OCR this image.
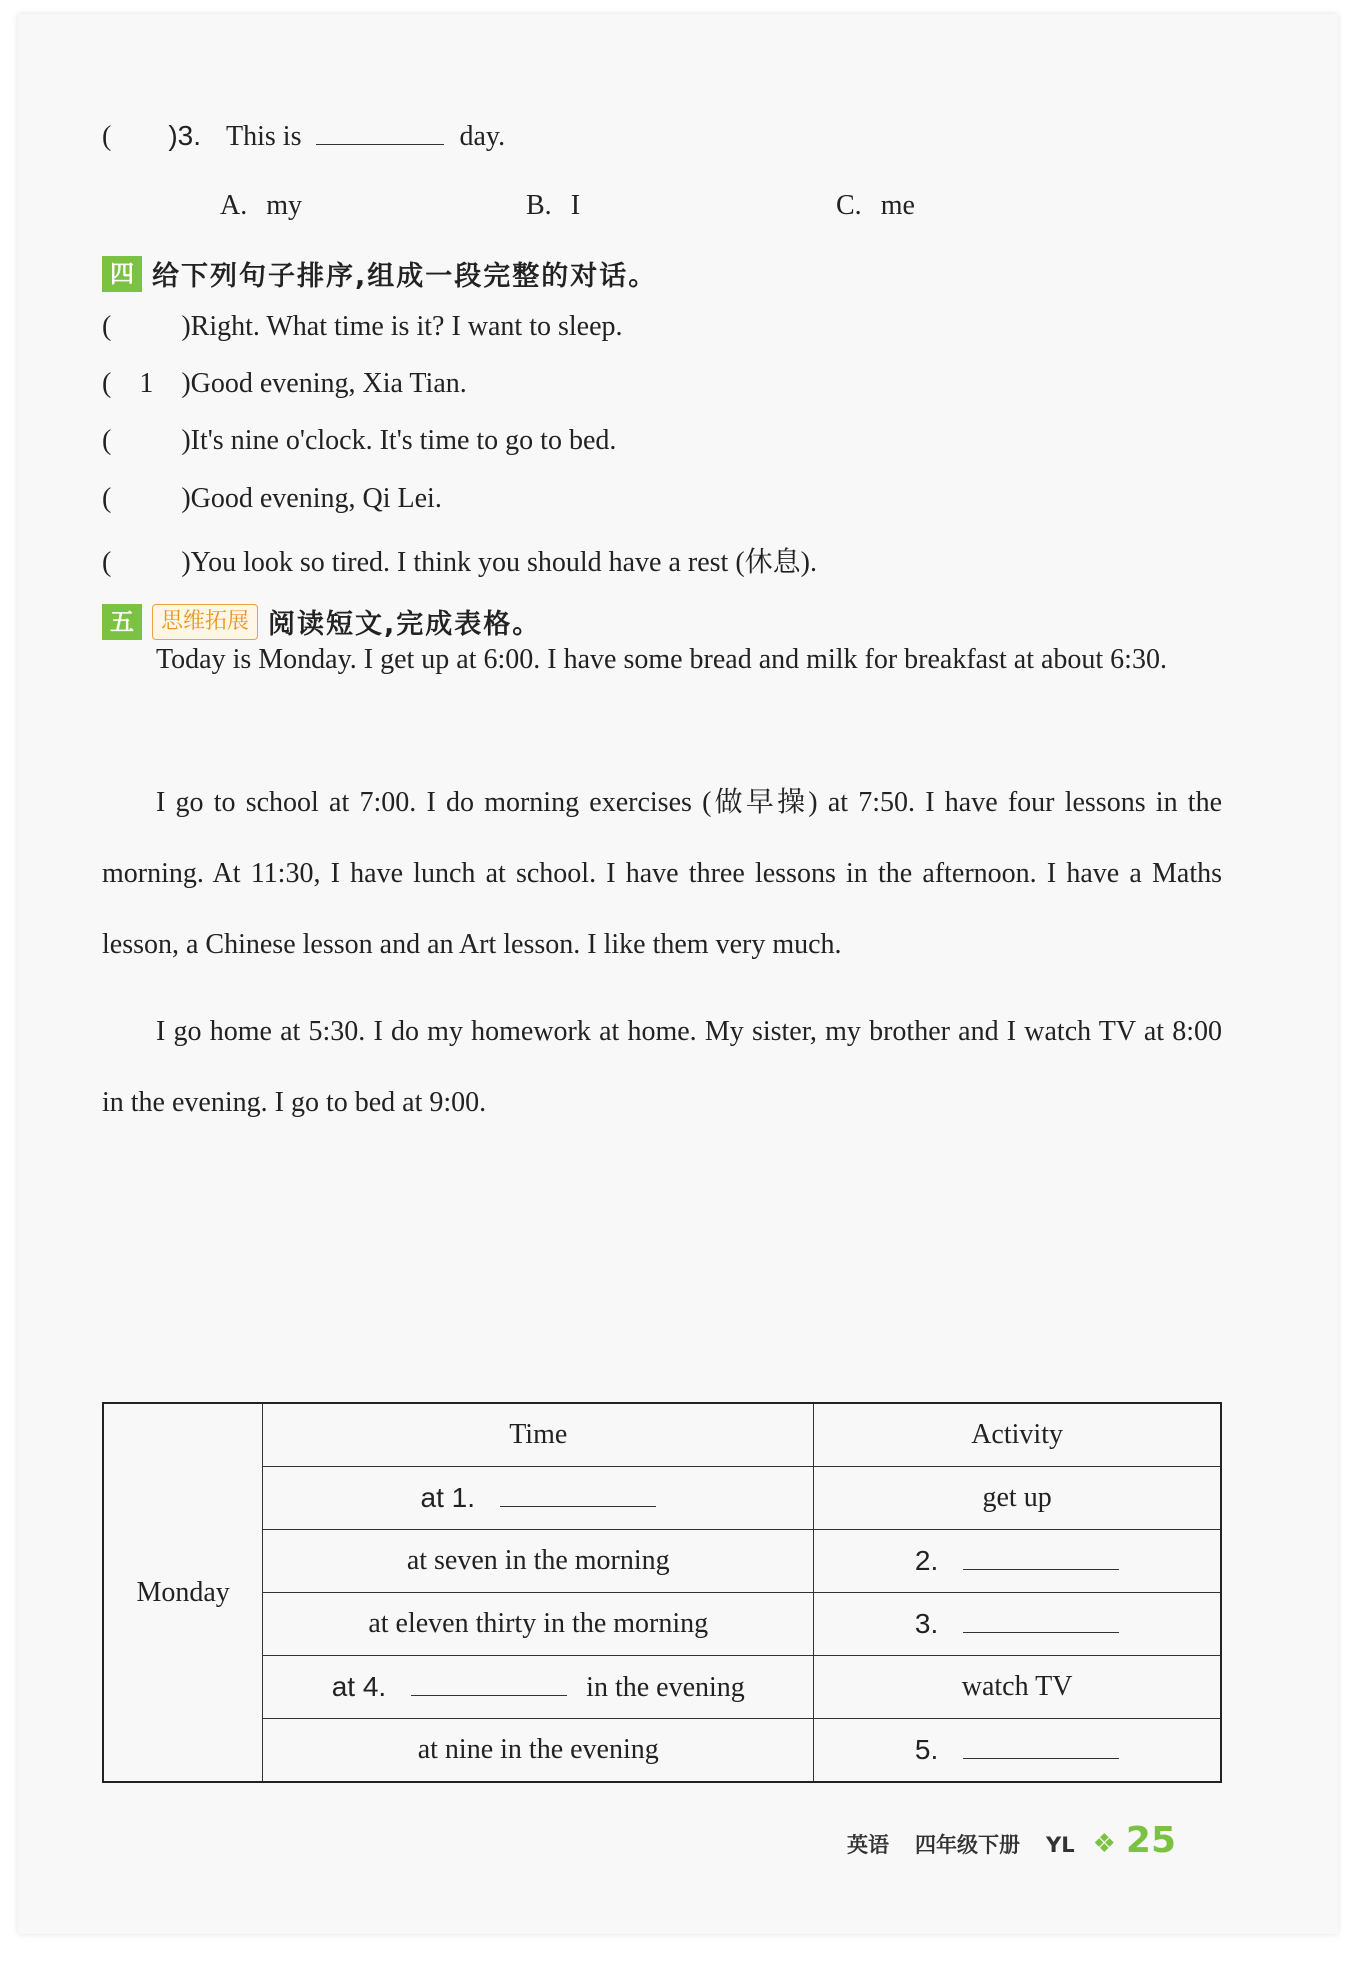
( )3. This is	day.
A. my	B. I	C. me
四 给下列句子排序,组成一段完整的对话。
(	)Right. What time is it? I want to sleep.
( 1 )Good evening, Xia Tian.
(	)It's nine o'clock. It's time to go to bed.
(	)Good evening, Qi Lei.
(	)You look so tired. I think you should have a rest (休息).
五 思维拓展 阅读短文,完成表格。
Today is Monday. I get up at 6:00. I have some bread and milk for breakfast at about 6:30.
I go to school at 7:00. I do morning exercises (做早操) at 7:50. I have four lessons in the morning. At 11:30, I have lunch at school. I have three lessons in the afternoon. I have a Maths lesson, a Chinese lesson and an Art lesson. I like them very much.
I go home at 5:30. I do my homework at home. My sister, my brother and I watch TV at 8:00 in the evening. I go to bed at 9:00.
Monday	Time	Activity
	at 1.	get up
	at seven in the morning	2.
	at eleven thirty in the morning	3.
	at 4. in the evening	watch TV
	at nine in the evening	5.
英语 四年级下册 YL ❖ 25
